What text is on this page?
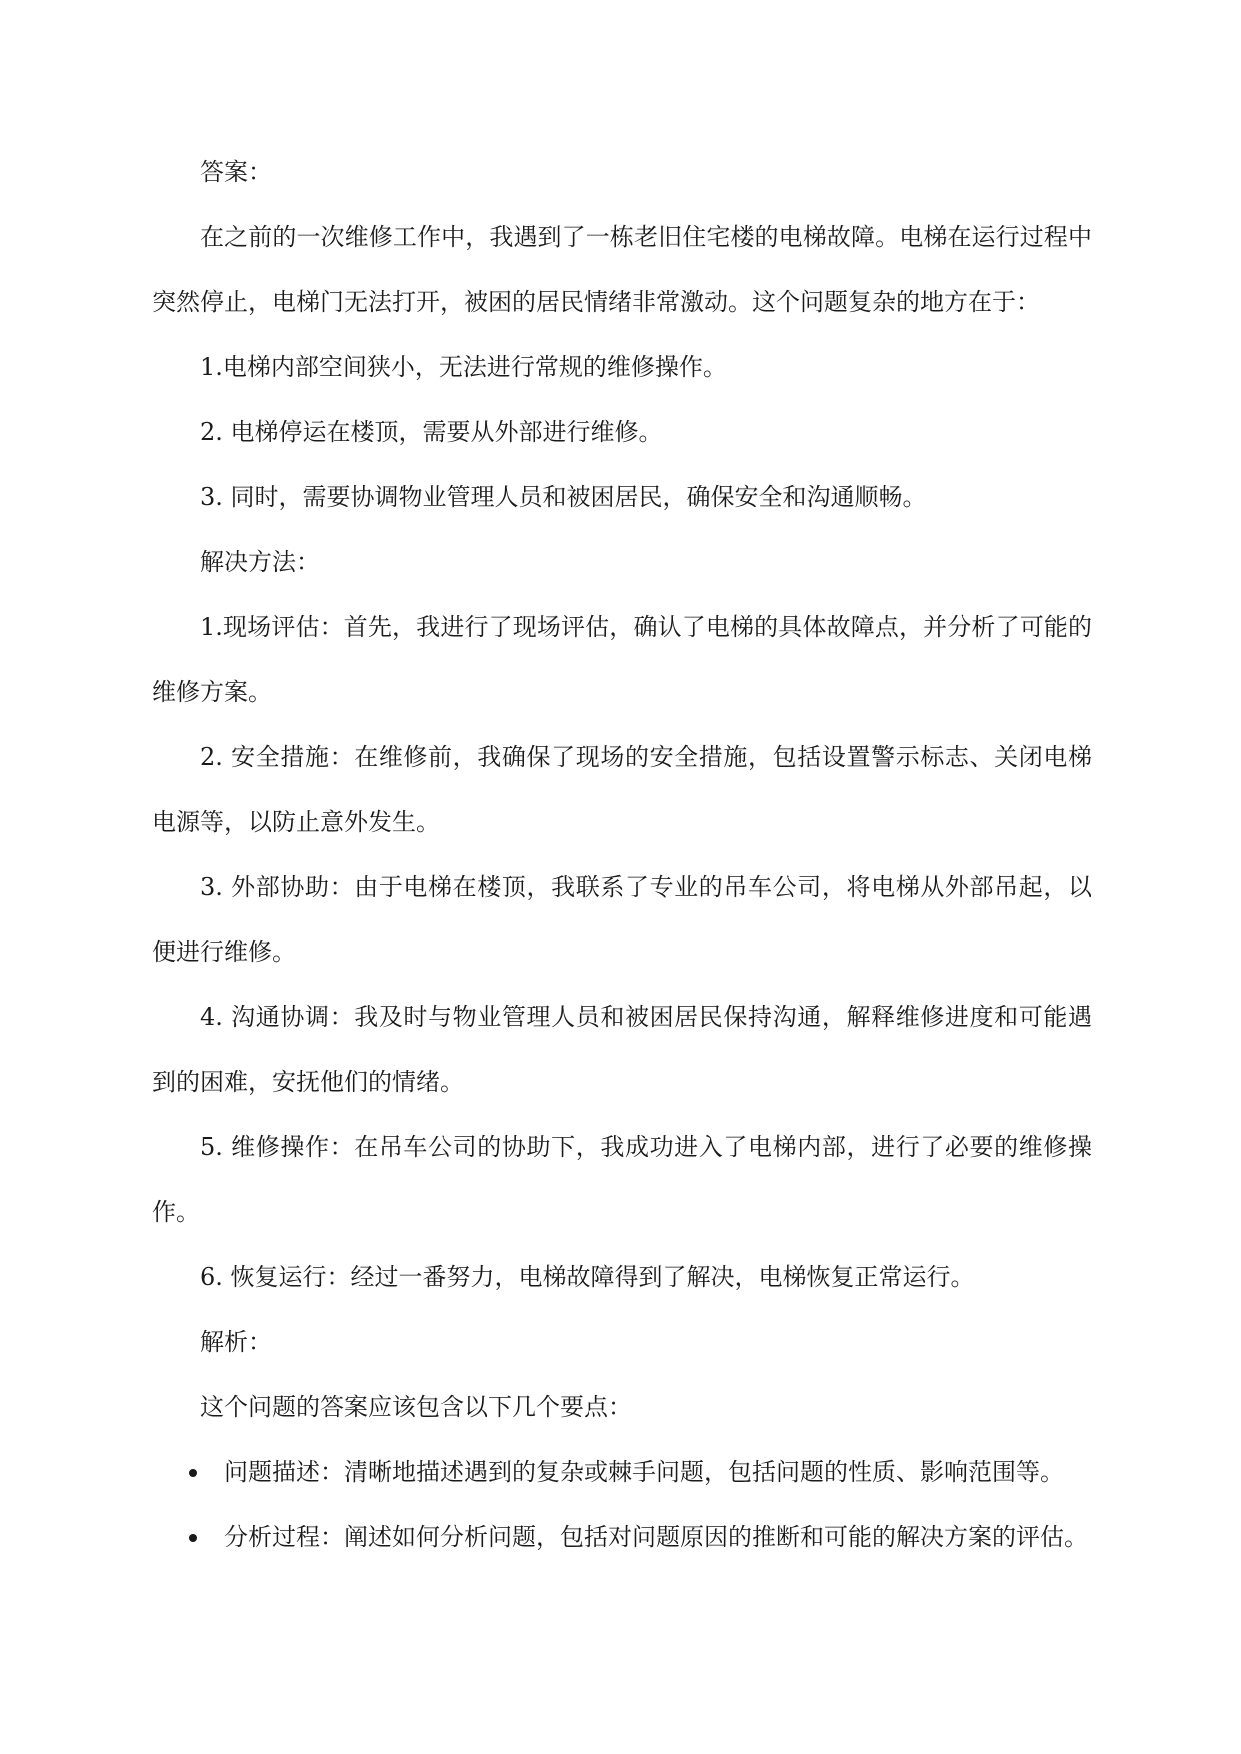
答案：

在之前的一次维修工作中，我遇到了一栋老旧住宅楼的电梯故障。电梯在运行过程中突然停止，电梯门无法打开，被困的居民情绪非常激动。这个问题复杂的地方在于：

1.电梯内部空间狭小，无法进行常规的维修操作。

2. 电梯停运在楼顶，需要从外部进行维修。

3. 同时，需要协调物业管理人员和被困居民，确保安全和沟通顺畅。

解决方法：

1.现场评估：首先，我进行了现场评估，确认了电梯的具体故障点，并分析了可能的维修方案。

2. 安全措施：在维修前，我确保了现场的安全措施，包括设置警示标志、关闭电梯电源等，以防止意外发生。

3. 外部协助：由于电梯在楼顶，我联系了专业的吊车公司，将电梯从外部吊起，以便进行维修。

4. 沟通协调：我及时与物业管理人员和被困居民保持沟通，解释维修进度和可能遇到的困难，安抚他们的情绪。

5. 维修操作：在吊车公司的协助下，我成功进入了电梯内部，进行了必要的维修操作。

6. 恢复运行：经过一番努力，电梯故障得到了解决，电梯恢复正常运行。

解析：

这个问题的答案应该包含以下几个要点：

问题描述：清晰地描述遇到的复杂或棘手问题，包括问题的性质、影响范围等。
分析过程：阐述如何分析问题，包括对问题原因的推断和可能的解决方案的评估。
